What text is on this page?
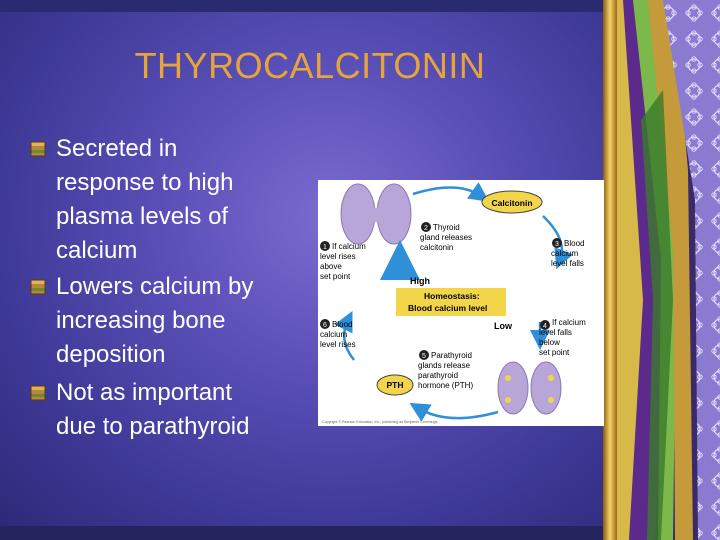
THYROCALCITONIN
Secreted in
response to high
plasma levels of
calcium
Lowers calcium by
increasing bone
deposition
Not as important
due to parathyroid
Calcitonin
PTH
Homeostasis:
Blood calcium level
High
Low
1 If calcium
level rises
above
set point
2 Thyroid
gland releases
calcitonin	3 Blood
calcium
level falls
4 If calcium
level falls
below
set point
5 Parathyroid
glands release
parathyroid
hormone (PTH)
6 Blood
calcium
level rises
Copyright © Pearson Education, Inc., publishing as Benjamin Cummings.
